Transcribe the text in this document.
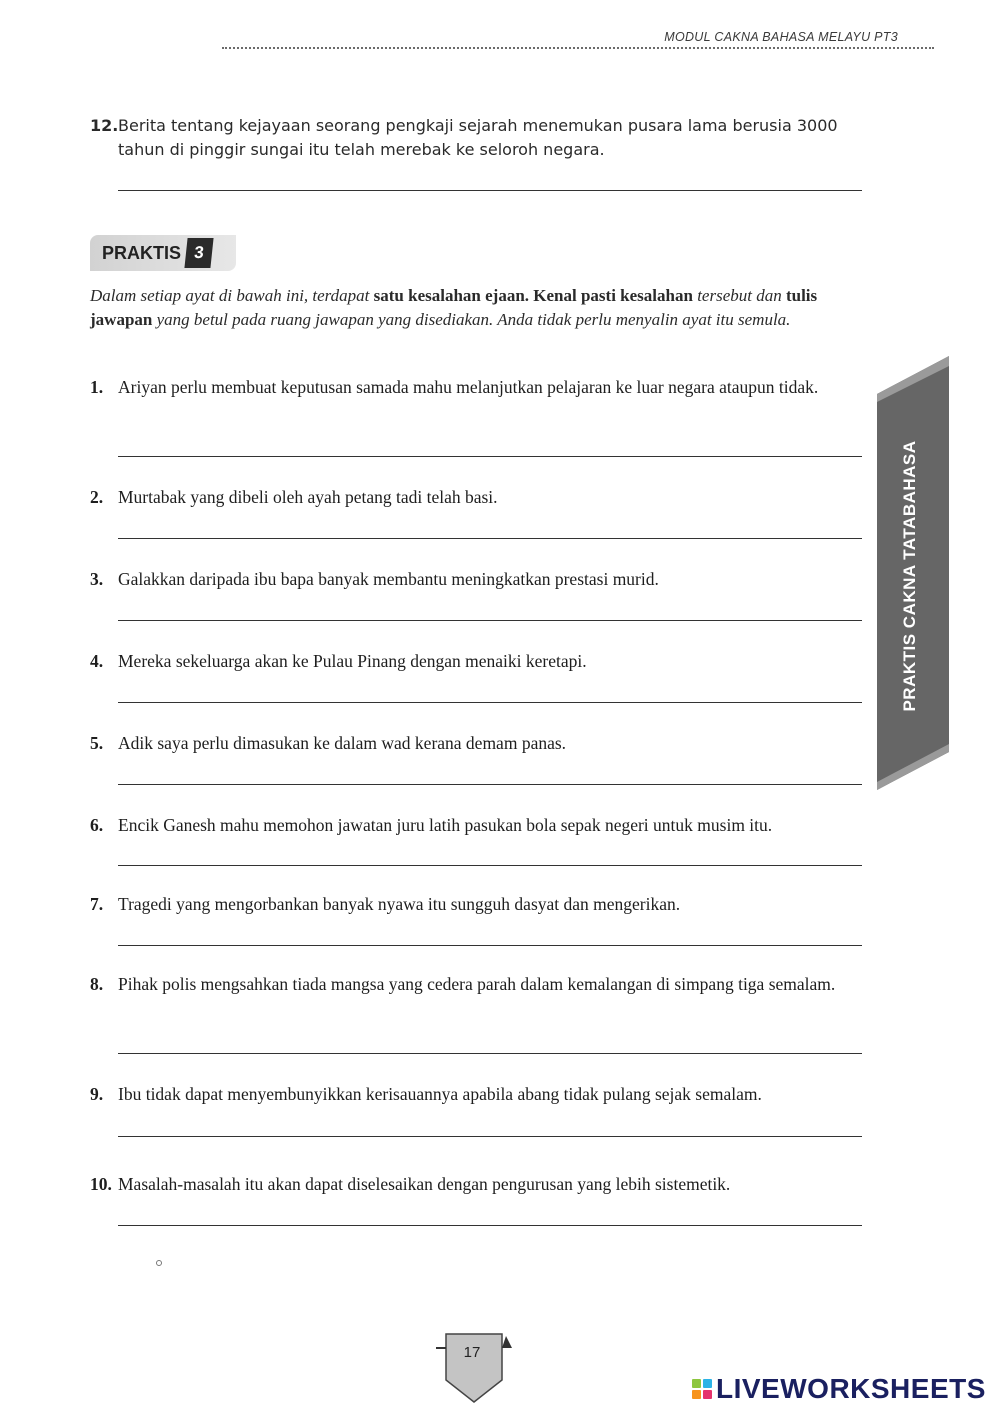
MODUL CAKNA BAHASA MELAYU PT3
12. Berita tentang kejayaan seorang pengkaji sejarah menemukan pusara lama berusia 3000 tahun di pinggir sungai itu telah merebak ke seloroh negara.
PRAKTIS 3
Dalam setiap ayat di bawah ini, terdapat satu kesalahan ejaan. Kenal pasti kesalahan tersebut dan tulis jawapan yang betul pada ruang jawapan yang disediakan. Anda tidak perlu menyalin ayat itu semula.
1. Ariyan perlu membuat keputusan samada mahu melanjutkan pelajaran ke luar negara ataupun tidak.
2. Murtabak yang dibeli oleh ayah petang tadi telah basi.
3. Galakkan daripada ibu bapa banyak membantu meningkatkan prestasi murid.
4. Mereka sekeluarga akan ke Pulau Pinang dengan menaiki keretapi.
5. Adik saya perlu dimasukan ke dalam wad kerana demam panas.
6. Encik Ganesh mahu memohon jawatan juru latih pasukan bola sepak negeri untuk musim itu.
7. Tragedi yang mengorbankan banyak nyawa itu sungguh dasyat dan mengerikan.
8. Pihak polis mengsahkan tiada mangsa yang cedera parah dalam kemalangan di simpang tiga semalam.
9. Ibu tidak dapat menyembunyikkan kerisauannya apabila abang tidak pulang sejak semalam.
10. Masalah-masalah itu akan dapat diselesaikan dengan pengurusan yang lebih sistemetik.
PRAKTIS CAKNA TATABAHASA
17
LIVEWORKSHEETS
